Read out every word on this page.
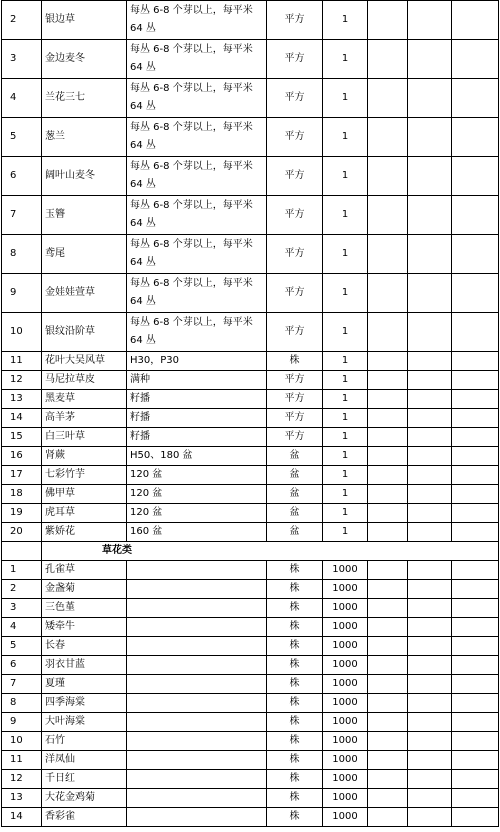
2	银边草	每丛 6-8 个芽以上，每平米 64 丛	平方	1			
3	金边麦冬	每丛 6-8 个芽以上，每平米 64 丛	平方	1			
4	兰花三七	每丛 6-8 个芽以上，每平米 64 丛	平方	1			
5	葱兰	每丛 6-8 个芽以上，每平米 64 丛	平方	1			
6	阔叶山麦冬	每丛 6-8 个芽以上，每平米 64 丛	平方	1			
7	玉簪	每丛 6-8 个芽以上，每平米 64 丛	平方	1			
8	鸢尾	每丛 6-8 个芽以上，每平米 64 丛	平方	1			
9	金娃娃萱草	每丛 6-8 个芽以上，每平米 64 丛	平方	1			
10	银纹沿阶草	每丛 6-8 个芽以上，每平米 64 丛	平方	1			
11	花叶大吴风草	H30，P30	株	1			
12	马尼拉草皮	满种	平方	1			
13	黑麦草	籽播	平方	1			
14	高羊茅	籽播	平方	1			
15	白三叶草	籽播	平方	1			
16	肾蕨	H50、180 盆	盆	1			
17	七彩竹芋	120 盆	盆	1			
18	佛甲草	120 盆	盆	1			
19	虎耳草	120 盆	盆	1			
20	紫娇花	160 盆	盆	1			
	草花类						
1	孔雀草		株	1000			
2	金盏菊		株	1000			
3	三色堇		株	1000			
4	矮牵牛		株	1000			
5	长春		株	1000			
6	羽衣甘蓝		株	1000			
7	夏瑾		株	1000			
8	四季海棠		株	1000			
9	大叶海棠		株	1000			
10	石竹		株	1000			
11	洋凤仙		株	1000			
12	千日红		株	1000			
13	大花金鸡菊		株	1000			
14	香彩雀		株	1000			
